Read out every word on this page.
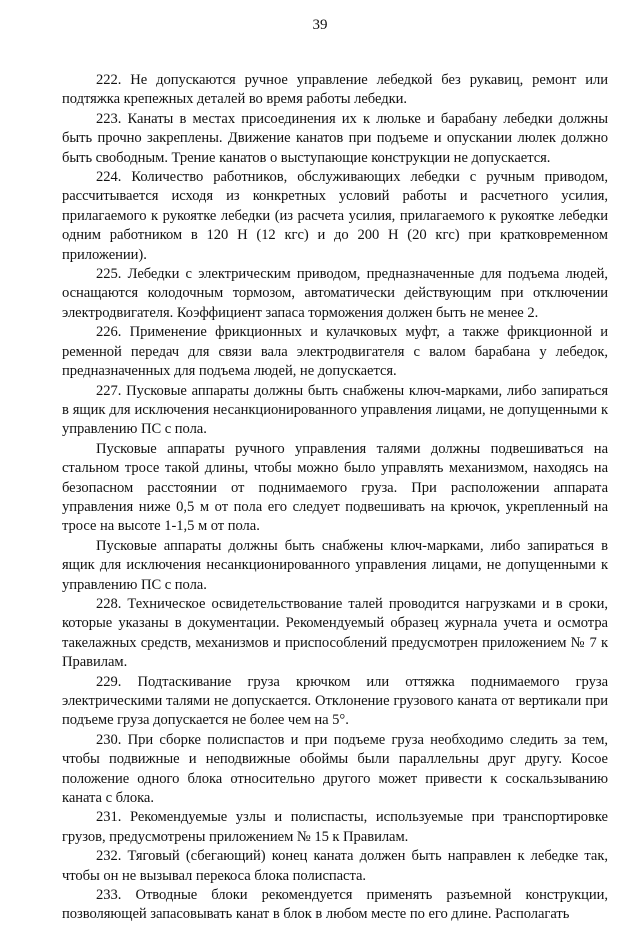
39

222. Не допускаются ручное управление лебедкой без рукавиц, ремонт или подтяжка крепежных деталей во время работы лебедки.

223. Канаты в местах присоединения их к люльке и барабану лебедки должны быть прочно закреплены. Движение канатов при подъеме и опускании люлек должно быть свободным. Трение канатов о выступающие конструкции не допускается.

224. Количество работников, обслуживающих лебедки с ручным приводом, рассчитывается исходя из конкретных условий работы и расчетного усилия, прилагаемого к рукоятке лебедки (из расчета усилия, прилагаемого к рукоятке лебедки одним работником в 120 Н (12 кгс) и до 200 Н (20 кгс) при кратковременном приложении).

225. Лебедки с электрическим приводом, предназначенные для подъема людей, оснащаются колодочным тормозом, автоматически действующим при отключении электродвигателя. Коэффициент запаса торможения должен быть не менее 2.

226. Применение фрикционных и кулачковых муфт, а также фрикционной и ременной передач для связи вала электродвигателя с валом барабана у лебедок, предназначенных для подъема людей, не допускается.

227. Пусковые аппараты должны быть снабжены ключ-марками, либо запираться в ящик для исключения несанкционированного управления лицами, не допущенными к управлению ПС с пола.

Пусковые аппараты ручного управления талями должны подвешиваться на стальном тросе такой длины, чтобы можно было управлять механизмом, находясь на безопасном расстоянии от поднимаемого груза. При расположении аппарата управления ниже 0,5 м от пола его следует подвешивать на крючок, укрепленный на тросе на высоте 1-1,5 м от пола.

Пусковые аппараты должны быть снабжены ключ-марками, либо запираться в ящик для исключения несанкционированного управления лицами, не допущенными к управлению ПС с пола.

228. Техническое освидетельствование талей проводится нагрузками и в сроки, которые указаны в документации. Рекомендуемый образец журнала учета и осмотра такелажных средств, механизмов и приспособлений предусмотрен приложением № 7 к Правилам.

229. Подтаскивание груза крючком или оттяжка поднимаемого груза электрическими талями не допускается. Отклонение грузового каната от вертикали при подъеме груза допускается не более чем на 5°.

230. При сборке полиспастов и при подъеме груза необходимо следить за тем, чтобы подвижные и неподвижные обоймы были параллельны друг другу. Косое положение одного блока относительно другого может привести к соскальзыванию каната с блока.

231. Рекомендуемые узлы и полиспасты, используемые при транспортировке грузов, предусмотрены приложением № 15 к Правилам.

232. Тяговый (сбегающий) конец каната должен быть направлен к лебедке так, чтобы он не вызывал перекоса блока полиспаста.

233. Отводные блоки рекомендуется применять разъемной конструкции, позволяющей запасовывать канат в блок в любом месте по его длине. Располагать
